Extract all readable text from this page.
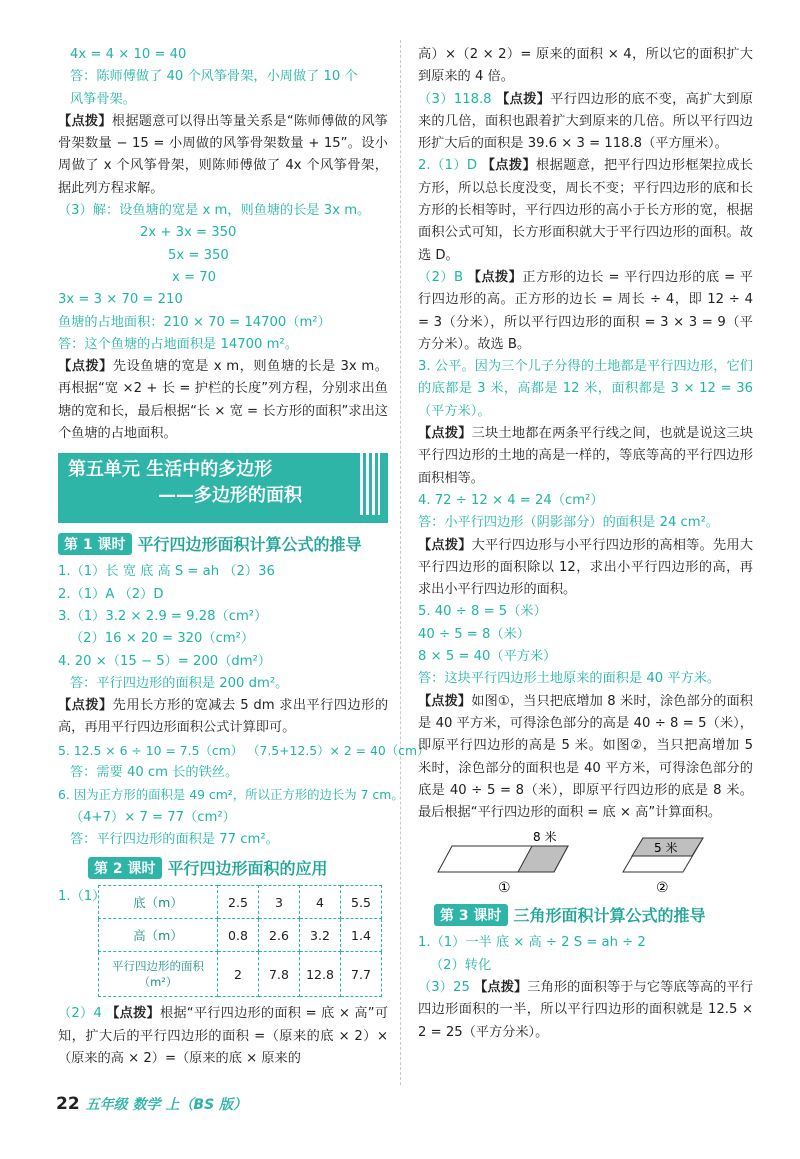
4x = 4 × 10 = 40
答：陈师傅做了 40 个风筝骨架，小周做了 10 个
风筝骨架。
【点拨】根据题意可以得出等量关系是“陈师傅做的风筝骨架数量 − 15 = 小周做的风筝骨架数量 + 15”。设小周做了 x 个风筝骨架，则陈师傅做了 4x 个风筝骨架，据此列方程求解。
（3）解：设鱼塘的宽是 x m，则鱼塘的长是 3x m。
2x + 3x = 350
5x = 350
x = 70
3x = 3 × 70 = 210
鱼塘的占地面积：210 × 70 = 14700（m²）
答：这个鱼塘的占地面积是 14700 m²。
【点拨】先设鱼塘的宽是 x m，则鱼塘的长是 3x m。再根据“宽 ×2 + 长 = 护栏的长度”列方程，分别求出鱼塘的宽和长，最后根据“长 × 宽 = 长方形的面积”求出这个鱼塘的占地面积。
第五单元 生活中的多边形
——多边形的面积
第 1 课时 平行四边形面积计算公式的推导
1.（1）长 宽 底 高 S = ah （2）36
2.（1）A （2）D
3.（1）3.2 × 2.9 = 9.28（cm²）
（2）16 × 20 = 320（cm²）
4. 20 ×（15 − 5）= 200（dm²）
答：平行四边形的面积是 200 dm²。
【点拨】先用长方形的宽减去 5 dm 求出平行四边形的高，再用平行四边形面积公式计算即可。
5. 12.5 × 6 ÷ 10 = 7.5（cm） （7.5+12.5）× 2 = 40（cm）
答：需要 40 cm 长的铁丝。
6. 因为正方形的面积是 49 cm²，所以正方形的边长为 7 cm。
（4+7）× 7 = 77（cm²）
答：平行四边形的面积是 77 cm²。
第 2 课时 平行四边形面积的应用
1.（1） 底（m）	2.5	3	4	5.5
高（m）	0.8	2.6	3.2	1.4
平行四边形的面积（m²）	2	7.8	12.8	7.7
（2）4 【点拨】根据“平行四边形的面积 = 底 × 高”可知，扩大后的平行四边形的面积 =（原来的底 × 2）×（原来的高 × 2）=（原来的底 × 原来的
高）×（2 × 2）= 原来的面积 × 4，所以它的面积扩大到原来的 4 倍。
（3）118.8 【点拨】平行四边形的底不变，高扩大到原来的几倍，面积也跟着扩大到原来的几倍。所以平行四边形扩大后的面积是 39.6 × 3 = 118.8（平方厘米）。
2.（1）D 【点拨】根据题意，把平行四边形框架拉成长方形，所以总长度没变，周长不变；平行四边形的底和长方形的长相等时，平行四边形的高小于长方形的宽，根据面积公式可知，长方形面积就大于平行四边形的面积。故选 D。
（2）B 【点拨】正方形的边长 = 平行四边形的底 = 平行四边形的高。正方形的边长 = 周长 ÷ 4，即 12 ÷ 4 = 3（分米），所以平行四边形的面积 = 3 × 3 = 9（平方分米）。故选 B。
3. 公平。因为三个儿子分得的土地都是平行四边形，它们的底都是 3 米，高都是 12 米，面积都是 3 × 12 = 36（平方米）。
【点拨】三块土地都在两条平行线之间，也就是说这三块平行四边形的土地的高是一样的，等底等高的平行四边形面积相等。
4. 72 ÷ 12 × 4 = 24（cm²）
答：小平行四边形（阴影部分）的面积是 24 cm²。
【点拨】大平行四边形与小平行四边形的高相等。先用大平行四边形的面积除以 12，求出小平行四边形的高，再求出小平行四边形的面积。
5. 40 ÷ 8 = 5（米）
40 ÷ 5 = 8（米）
8 × 5 = 40（平方米）
答：这块平行四边形土地原来的面积是 40 平方米。
【点拨】如图①，当只把底增加 8 米时，涂色部分的面积是 40 平方米，可得涂色部分的高是 40 ÷ 8 = 5（米），即原平行四边形的高是 5 米。如图②，当只把高增加 5 米时，涂色部分的面积也是 40 平方米，可得涂色部分的底是 40 ÷ 5 = 8（米），即原平行四边形的底是 8 米。最后根据“平行四边形的面积 = 底 × 高”计算面积。
8 米
①
5 米
②
第 3 课时 三角形面积计算公式的推导
1.（1）一半 底 × 高 ÷ 2 S = ah ÷ 2
（2）转化
（3）25 【点拨】三角形的面积等于与它等底等高的平行四边形面积的一半，所以平行四边形的面积就是 12.5 × 2 = 25（平方分米）。
22 五年级 数学 上（BS 版）
